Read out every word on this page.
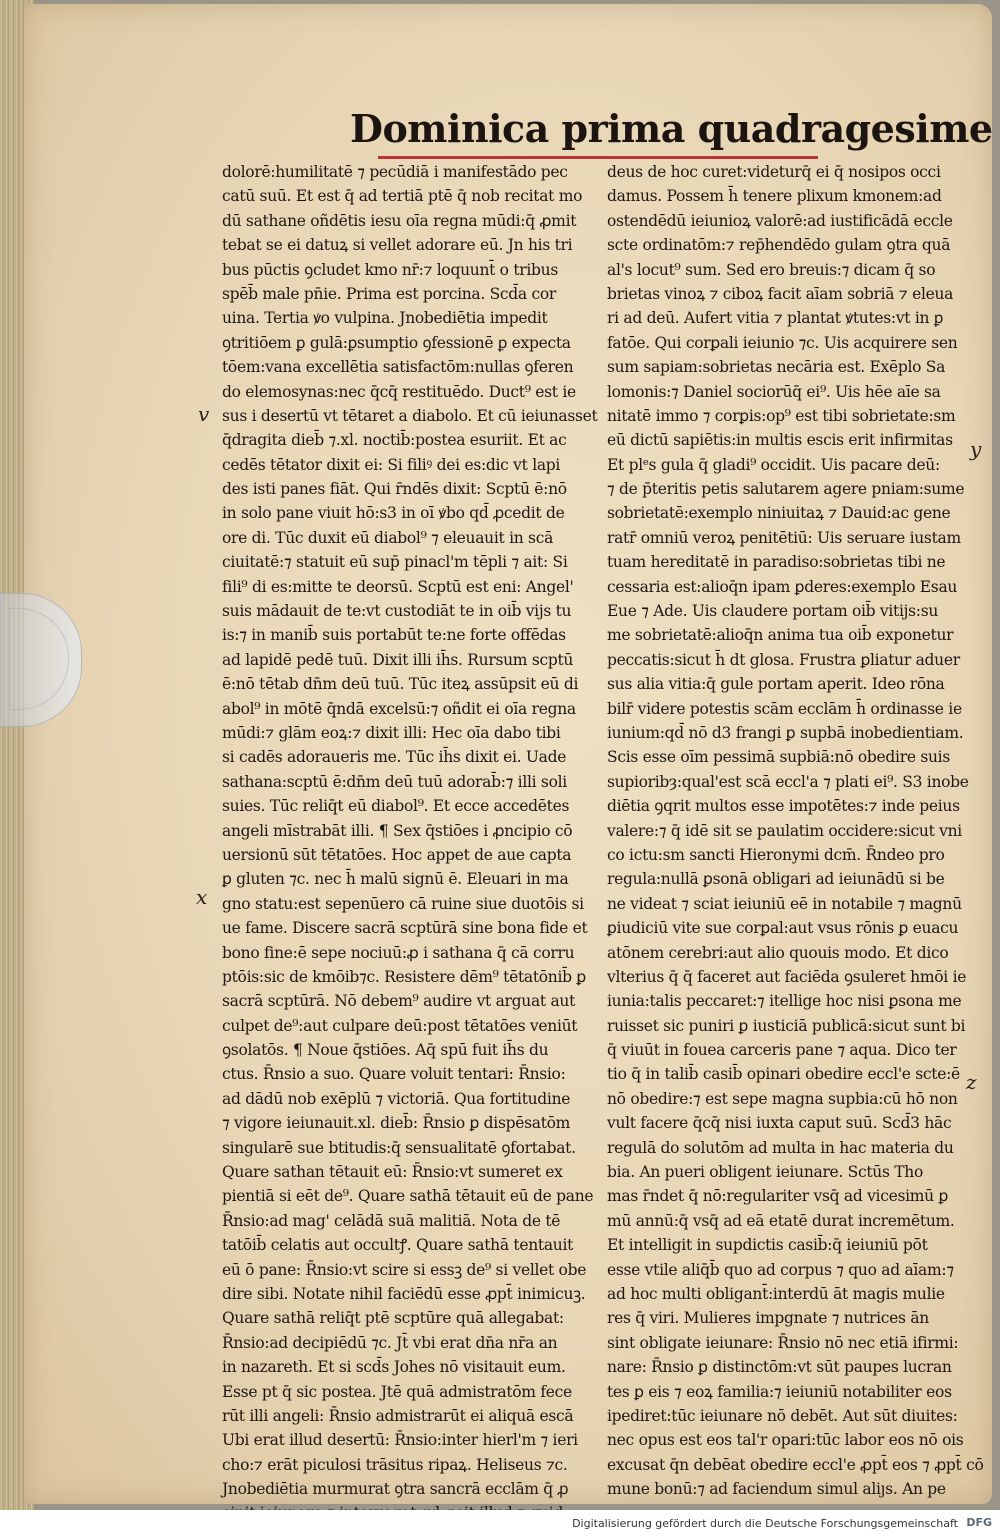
Dominica prima quadragesime
dolorē:humilitatē ⁊ pecūdiā i manifestādo pec
catū suū. Et est q̄ ad tertiā ptē q̄ nob recitat mo
dū sathane oñdētis iesu oīa regna mūdi:q̄ ꝓmit
tebat se ei datuꝝ si vellet adorare eū. Jn his tri
bus pūctis ꝯcludet kmo nr̄:⁊ loquunt̄ o tribus
spēb̄ male pn̄ie. Prima est porcina. Scd̄a cor
uina. Tertia ꝟo vulpina. Jnobediētia impedit
ꝯtritiōem ꝑ gulā:ꝑsumptio ꝯfessionē ꝑ expecta
tōem:vana excellētia satisfactōm:nullas ꝯferen
do elemosynas:nec q̄cq̄ restituēdo. Duct⁹ est ie
sus i desertū vt tētaret a diabolo. Et cū ieiunasset
q̄dragita dieb̄ ⁊.xl. noctib̄:postea esuriit. Et ac
cedēs tētator dixit ei: Si filiꝰ dei es:dic vt lapi
des isti panes fiāt. Qui r̄ndēs dixit: Scptū ē:nō
in solo pane viuit hō:s3 in oī ꝟbo qd̄ ꝓcedit de
ore di. Tūc duxit eū diabol⁹ ⁊ eleuauit in scā
ciuitatē:⁊ statuit eū sup̄ pinacl'm tēpli ⁊ ait: Si
fili⁹ di es:mitte te deorsū. Scptū est eni: Angel'
suis mādauit de te:vt custodiāt te in oib̄ vijs tu
is:⁊ in manib̄ suis portabūt te:ne forte offēdas
ad lapidē pedē tuū. Dixit illi ih̄s. Rursum scptū
ē:nō tētab dn̄m deū tuū. Tūc iteꝝ assūpsit eū di
abol⁹ in mōtē q̄ndā excelsū:⁊ oñdit ei oīa regna
mūdi:⁊ glām eoꝝ:⁊ dixit illi: Hec oīa dabo tibi
si cadēs adoraueris me. Tūc ih̄s dixit ei. Uade
sathana:scptū ē:dn̄m deū tuū adorab̄:⁊ illi soli
suies. Tūc reliq̄t eū diabol⁹. Et ecce accedētes
angeli mīstrabāt illi. ¶ Sex q̄stiōes i ꝓncipio cō
uersionū sūt tētatōes. Hoc appet de aue capta
ꝑ gluten ⁊c. nec h̄ malū signū ē. Eleuari in ma
gno statu:est sepenūero cā ruine siue duotōis si
ue fame. Discere sacrā scptūrā sine bona fide et
bono fine:ē sepe nociuū:ꝓ i sathana q̄ cā corru
ptōis:sic de kmōib⁊c. Resistere dēm⁹ tētatōnib̄ ꝑ
sacrā scptūrā. Nō debem⁹ audire vt arguat aut
culpet de⁹:aut culpare deū:post tētatōes veniūt
ꝯsolatōs. ¶ Noue q̄stiōes. Aq̄ spū fuit ih̄s du
ctus. R̄nsio a suo. Quare voluit tentari: R̄nsio:
ad dādū nob exēplū ⁊ victoriā. Qua fortitudine
⁊ vigore ieiunauit.xl. dieb̄: R̄nsio ꝑ dispēsatōm
singularē sue btitudis:q̄ sensualitatē ꝯfortabat.
Quare sathan tētauit eū: R̄nsio:vt sumeret ex
pientiā si eēt de⁹. Quare sathā tētauit eū de pane
R̄nsio:ad mag' celādā suā malitiā. Nota de tē
tatōib̄ celatis aut occultꝭ. Quare sathā tentauit
eū ō pane: R̄nsio:vt scire si essꝫ de⁹ si vellet obe
dire sibi. Notate nihil faciēdū esse ꝓpt̄ inimicuꝫ.
Quare sathā reliq̄t ptē scptūre quā allegabat:
R̄nsio:ad decipiēdū ⁊c. Jt̄ vbi erat dn̄a nr̄a an
in nazareth. Et si scd̄s Johes nō visitauit eum.
Esse pt q̄ sic postea. Jtē quā admistratōm fece
rūt illi angeli: R̄nsio admistrarūt ei aliquā escā
Ubi erat illud desertū: R̄nsio:inter hierl'm ⁊ ieri
cho:⁊ erāt piculosi trāsitus ripaꝝ. Heliseus ⁊c.
Jnobediētia murmurat ꝯtra sancrā ecclām q̄ ꝓ
deus de hoc curet:videturq̄ ei q̄ nosipos occi
damus. Possem h̄ tenere plixum kmonem:ad
ostendēdū ieiunioꝝ valorē:ad iustificādā eccle
scte ordinatōm:⁊ rep̄hendēdo gulam ꝯtra quā
al's locut⁹ sum. Sed ero breuis:⁊ dicam q̄ so
brietas vinoꝝ ⁊ ciboꝝ facit aīam sobriā ⁊ eleua
ri ad deū. Aufert vitia ⁊ plantat ꝟtutes:vt in ꝑ
fatōe. Qui corꝑali ieiunio ⁊c. Uis acquirere sen
sum sapiam:sobrietas necāria est. Exēplo Sa
lomonis:⁊ Daniel sociorūq̄ ei⁹. Uis hēe aīe sa
nitatē immo ⁊ corꝑis:op⁹ est tibi sobrietate:sm
eū dictū sapiētis:in multis escis erit infirmitas
Et plᵉs gula q̄ gladi⁹ occidit. Uis pacare deū:
⁊ de p̄teritis petis salutarem agere pniam:sume
sobrietatē:exemplo niniuitaꝝ ⁊ Dauid:ac gene
ratr̄ omniū veroꝝ penitētiū: Uis seruare iustam
tuam hereditatē in paradiso:sobrietas tibi ne
cessaria est:alioq̄n ipam ꝑderes:exemplo Esau
Eue ⁊ Ade. Uis claudere portam oib̄ vitijs:su
me sobrietatē:alioq̄n anima tua oib̄ exponetur
peccatis:sicut h̄ dt glosa. Frustra ꝑliatur aduer
sus alia vitia:q̄ gule portam aperit. Ideo rōna
bilr̄ videre potestis scām ecclām h̄ ordinasse ie
iunium:qd̄ nō d3 frangi ꝑ supbā inobedientiam.
Scis esse oīm pessimā supbiā:nō obedire suis
supioribȝ:qual'est scā eccl'a ⁊ plati ei⁹. S3 inobe
diētia ꝯqrit multos esse impotētes:⁊ inde peius
valere:⁊ q̄ idē sit se paulatim occidere:sicut vni
co ictu:sm sancti Hieronymi dcm̄. R̄ndeo pro
regula:nullā ꝑsonā obligari ad ieiunādū si be
ne videat ⁊ sciat ieiuniū eē in notabile ⁊ magnū
ꝑiudiciū vite sue corꝑal:aut vsus rōnis ꝑ euacu
atōnem cerebri:aut alio quouis modo. Et dico
vlterius q̄ q̄ faceret aut faciēda ꝯsuleret hmōi ie
iunia:talis peccaret:⁊ itellige hoc nisi ꝑsona me
ruisset sic puniri ꝑ iusticiā publicā:sicut sunt bi
q̄ viuūt in fouea carceris pane ⁊ aqua. Dico ter
tio q̄ in talib̄ casib̄ opinari obedire eccl'e scte:ē
nō obedire:⁊ est sepe magna supbia:cū hō non
vult facere q̄cq̄ nisi iuxta caput suū. Scd̄3 hāc
regulā do solutōm ad multa in hac materia du
bia. An pueri obligent ieiunare. Sctūs Tho
mas r̄ndet q̄ nō:regulariter vsq̄ ad vicesimū ꝑ
mū annū:q̄ vsq̄ ad eā etatē durat incremētum.
Et intelligit in supdictis casib̄:q̄ ieiuniū pōt
esse vtile aliq̄b̄ quo ad corpus ⁊ quo ad aīam:⁊
ad hoc multi obligant̄:interdū āt magis mulie
res q̄ viri. Mulieres impgnate ⁊ nutrices ān
sint obligate ieiunare: R̄nsio nō nec etiā ifirmi:
nare: R̄nsio ꝑ distinctōm:vt sūt paupes lucran
tes ꝑ eis ⁊ eoꝝ familia:⁊ ieiuniū notabiliter eos
ipediret:tūc ieiunare nō debēt. Aut sūt diuites:
nec opus est eos tal'r opari:tūc labor eos nō ois
excusat q̄n debēat obedire eccl'e ꝓpt̄ eos ⁊ ꝓpt̄ cō
mune bonū:⁊ ad faciendum simul aliȷs. An pe
v
x
y
z
Digitalisierung gefördert durch die Deutsche Forschungsgemeinschaft DFG
